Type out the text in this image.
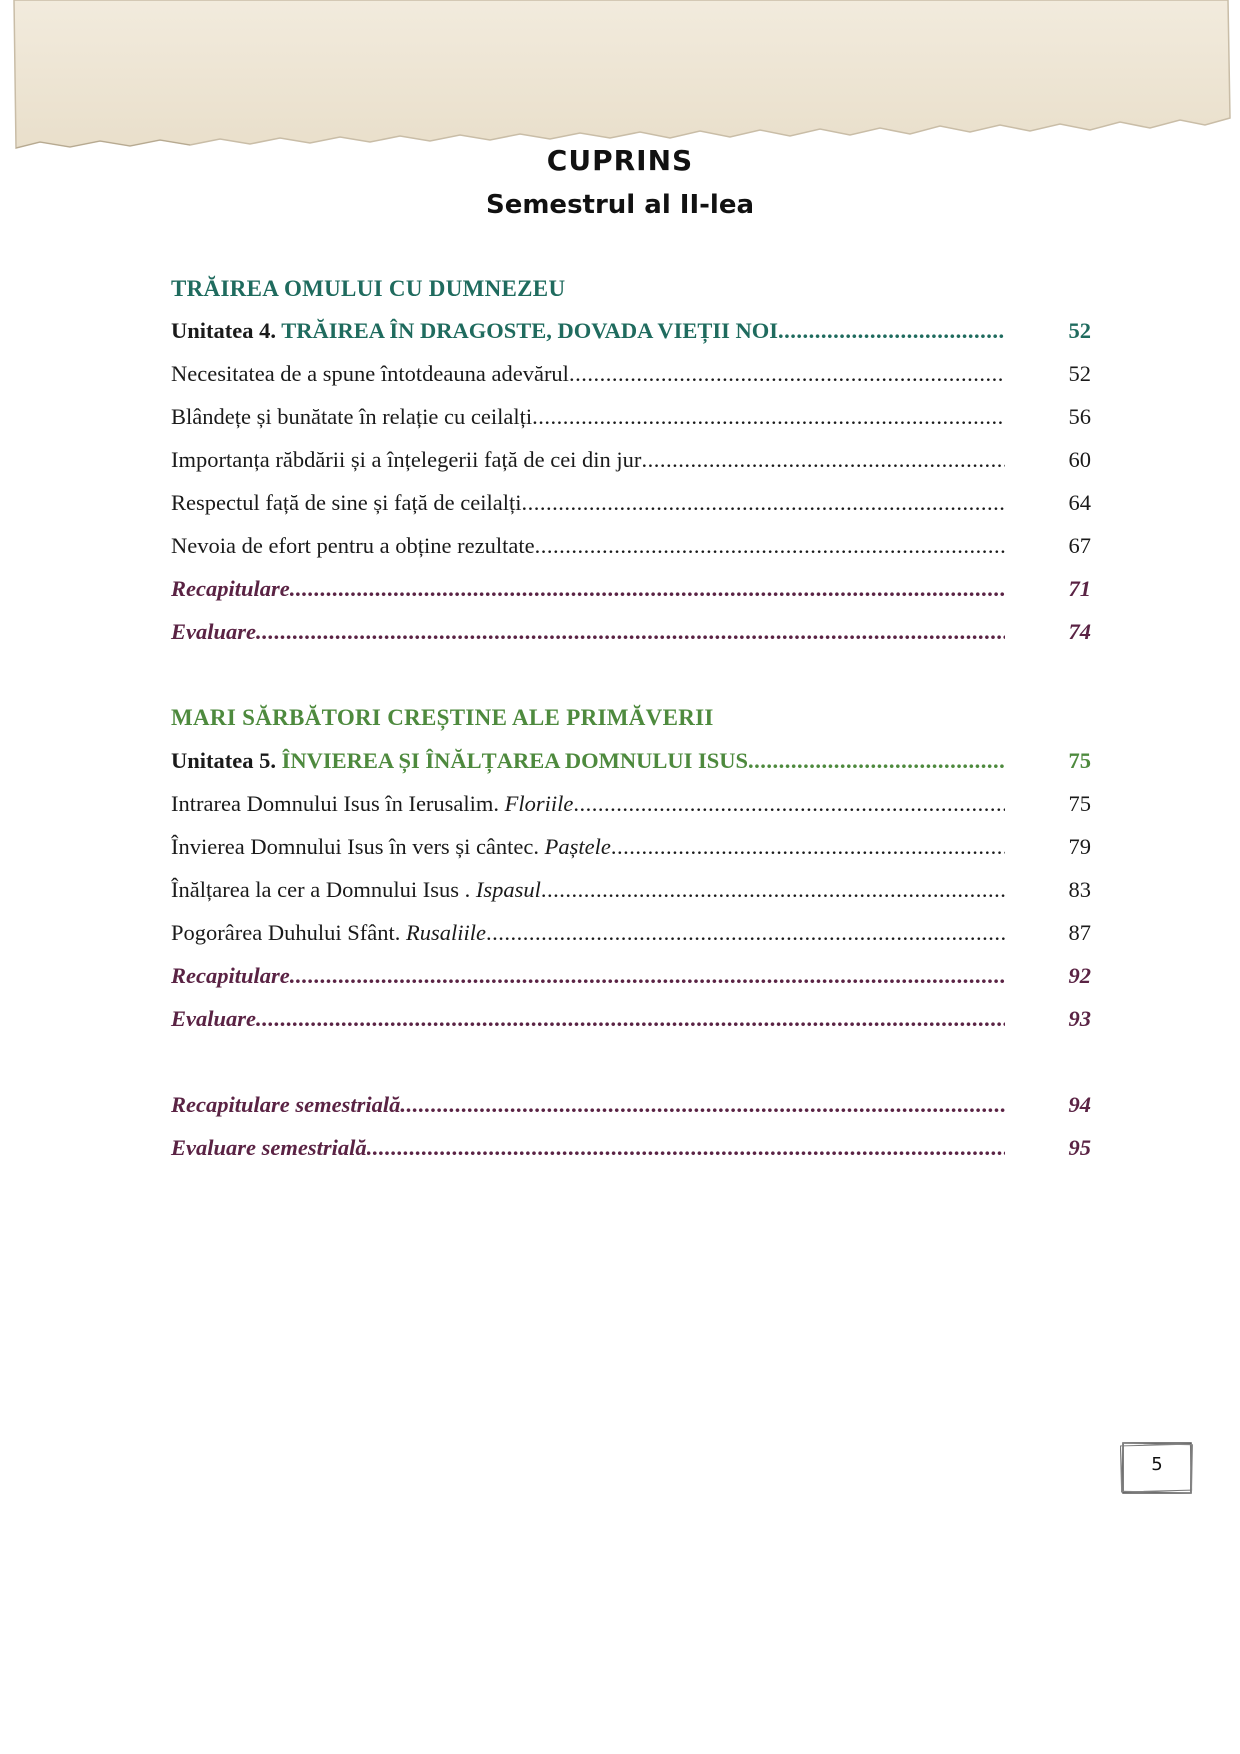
CUPRINS
Semestrul al II-lea
TRĂIREA OMULUI CU DUMNEZEU
Unitatea 4. TRĂIREA ÎN DRAGOSTE, DOVADA VIEȚII NOI .....	52
Necesitatea de a spune întotdeauna adevărul .....	52
Blândețe și bunătate în relație cu ceilalți .....	56
Importanța răbdării și a înțelegerii față de cei din jur .....	60
Respectul față de sine și față de ceilalți .....	64
Nevoia de efort pentru a obține rezultate .....	67
Recapitulare .....	71
Evaluare .....	74
MARI SĂRBĂTORI CREȘTINE ALE PRIMĂVERII
Unitatea 5. ÎNVIEREA ȘI ÎNĂLȚAREA DOMNULUI ISUS .....	75
Intrarea Domnului Isus în Ierusalim. Floriile .....	75
Învierea Domnului Isus în vers și cântec. Paștele .....	79
Înălțarea la cer a Domnului Isus . Ispasul .....	83
Pogorârea Duhului Sfânt. Rusaliile .....	87
Recapitulare .....	92
Evaluare .....	93
Recapitulare semestrială .....	94
Evaluare semestrială .....	95
5
